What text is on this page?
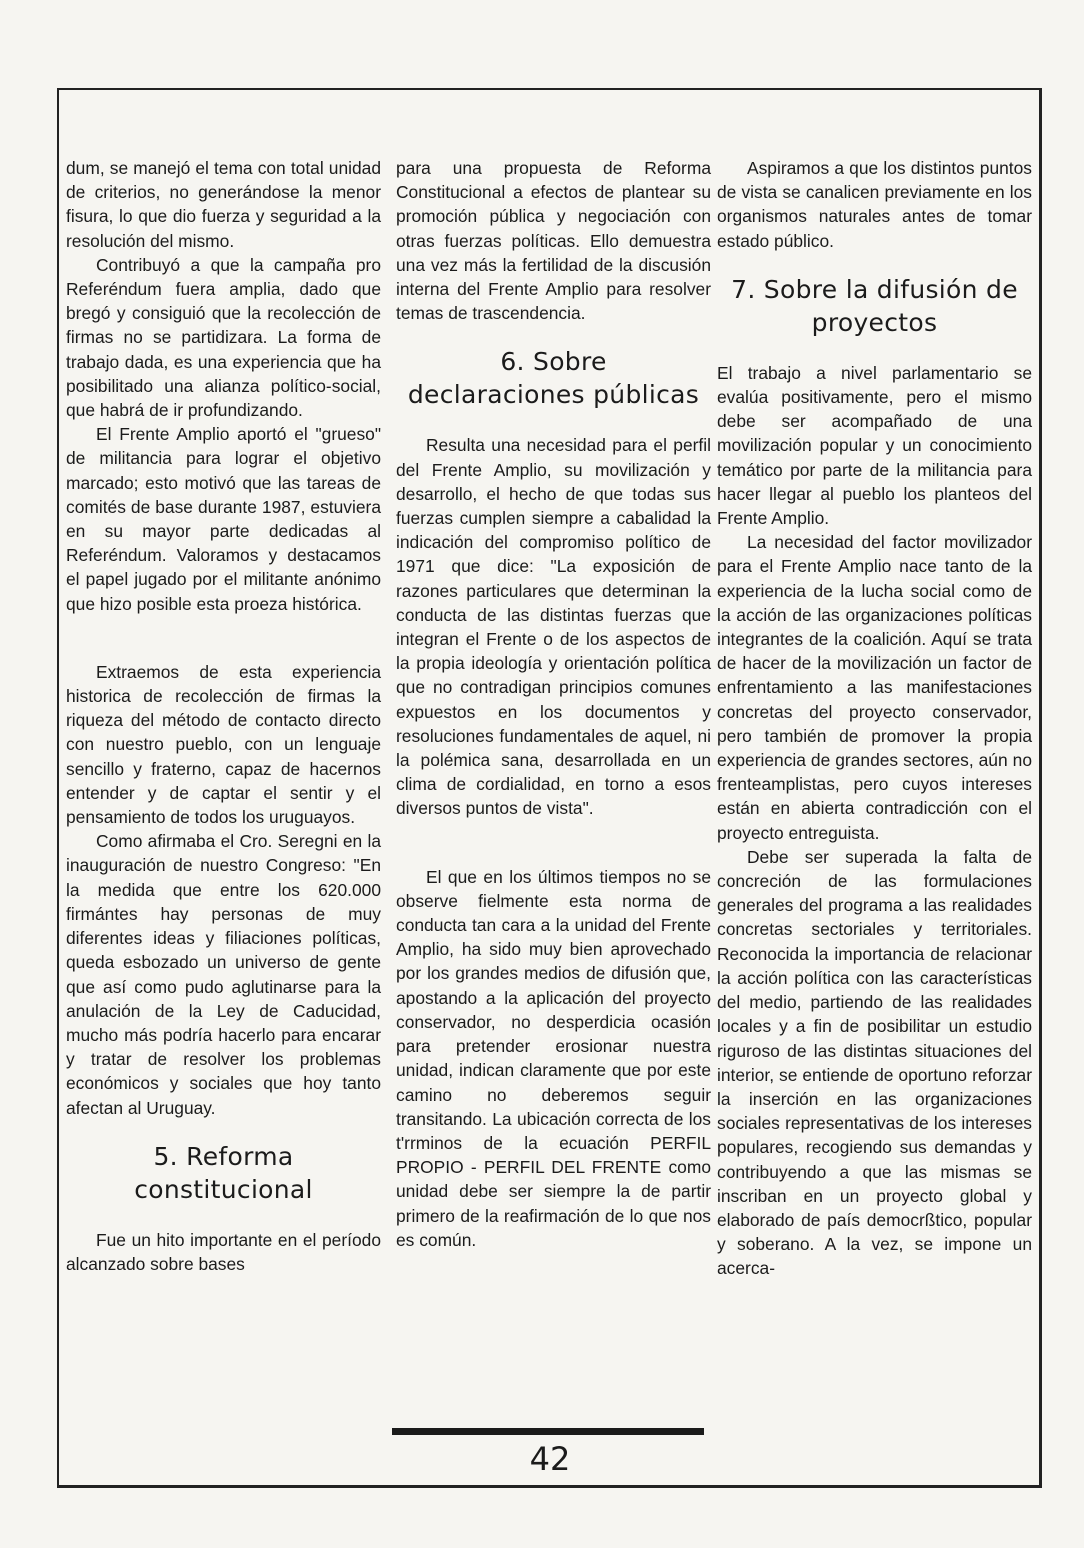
dum, se manejó el tema con total unidad de criterios, no generándose la menor fisura, lo que dio fuerza y seguridad a la resolución del mismo.

Contribuyó a que la campaña pro Referéndum fuera amplia, dado que bregó y consiguió que la recolección de firmas no se partidizara. La forma de trabajo dada, es una experiencia que ha posibilitado una alianza político-social, que habrá de ir profundizando.

El Frente Amplio aportó el "grueso" de militancia para lograr el objetivo marcado; esto motivó que las tareas de comités de base durante 1987, estuviera en su mayor parte dedicadas al Referéndum. Valoramos y destacamos el papel jugado por el militante anónimo que hizo posible esta proeza histórica.

Extraemos de esta experiencia historica de recolección de firmas la riqueza del método de contacto directo con nuestro pueblo, con un lenguaje sencillo y fraterno, capaz de hacernos entender y de captar el sentir y el pensamiento de todos los uruguayos.

Como afirmaba el Cro. Seregni en la inauguración de nuestro Congreso: "En la medida que entre los 620.000 firmántes hay personas de muy diferentes ideas y filiaciones políticas, queda esbozado un universo de gente que así como pudo aglutinarse para la anulación de la Ley de Caducidad, mucho más podría hacerlo para encarar y tratar de resolver los problemas económicos y sociales que hoy tanto afectan al Uruguay.

5. Reforma
constitucional

Fue un hito importante en el período alcanzado sobre bases

para una propuesta de Reforma Constitucional a efectos de plantear su promoción pública y negociación con otras fuerzas políticas. Ello demuestra una vez más la fertilidad de la discusión interna del Frente Amplio para resolver temas de trascendencia.

6. Sobre
declaraciones públicas

Resulta una necesidad para el perfil del Frente Amplio, su movilización y desarrollo, el hecho de que todas sus fuerzas cumplen siempre a cabalidad la indicación del compromiso político de 1971 que dice: "La exposición de razones particulares que determinan la conducta de las distintas fuerzas que integran el Frente o de los aspectos de la propia ideología y orientación política que no contradigan principios comunes expuestos en los documentos y resoluciones fundamentales de aquel, ni la polémica sana, desarrollada en un clima de cordialidad, en torno a esos diversos puntos de vista".

El que en los últimos tiempos no se observe fielmente esta norma de conducta tan cara a la unidad del Frente Amplio, ha sido muy bien aprovechado por los grandes medios de difusión que, apostando a la aplicación del proyecto conservador, no desperdicia ocasión para pretender erosionar nuestra unidad, indican claramente que por este camino no deberemos seguir transitando. La ubicación correcta de los t'rrminos de la ecuación PERFIL PROPIO - PERFIL DEL FRENTE como unidad debe ser siempre la de partir primero de la reafirmación de lo que nos es común.

Aspiramos a que los distintos puntos de vista se canalicen previamente en los organismos naturales antes de tomar estado público.

7. Sobre la difusión de
proyectos

El trabajo a nivel parlamentario se evalúa positivamente, pero el mismo debe ser acompañado de una movilización popular y un conocimiento temático por parte de la militancia para hacer llegar al pueblo los planteos del Frente Amplio.

La necesidad del factor movilizador para el Frente Amplio nace tanto de la experiencia de la lucha social como de la acción de las organizaciones políticas integrantes de la coalición. Aquí se trata de hacer de la movilización un factor de enfrentamiento a las manifestaciones concretas del proyecto conservador, pero también de promover la propia experiencia de grandes sectores, aún no frenteamplistas, pero cuyos intereses están en abierta contradicción con el proyecto entreguista.

Debe ser superada la falta de concreción de las formulaciones generales del programa a las realidades concretas sectoriales y territoriales. Reconocida la importancia de relacionar la acción política con las características del medio, partiendo de las realidades locales y a fin de posibilitar un estudio riguroso de las distintas situaciones del interior, se entiende de oportuno reforzar la inserción en las organizaciones sociales representativas de los intereses populares, recogiendo sus demandas y contribuyendo a que las mismas se inscriban en un proyecto global y elaborado de país democrßtico, popular y soberano. A la vez, se impone un acerca-

42
